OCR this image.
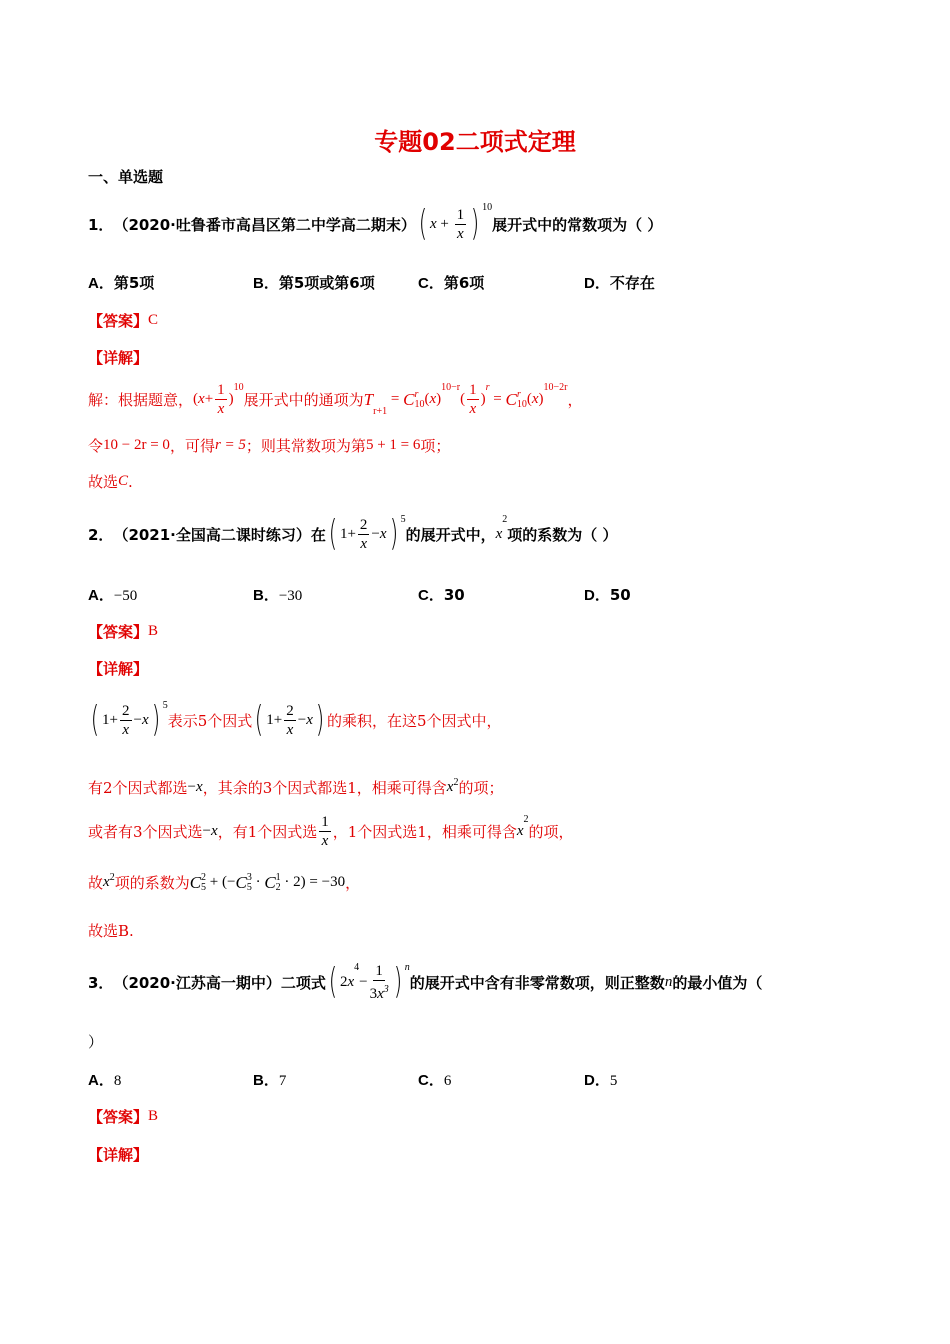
专题02二项式定理
一、单选题
1． （2020·吐鲁番市高昌区第二中学高二期末） ( $x + \frac{1}{x}$ ) $^{10}$
展开式中的常数项为（ ）
A．第5项	B．第5项或第6项	C．第6项	D．不存在
【答案】 C
【详解】
解：根据题意， ( $x + \frac{1}{x}$ )
$^{10}$
展开式中的通项为 T
$_{r+1}$
= C r
10 ( x )
$^{10-r}$
( $\frac{1}{x}$ )
$^r$
= C r
10 ( x )
$^{10-2r}$
，
令 10 − 2r = 0 ，可得 r = 5 ；则其常数项为第 5 + 1 = 6 项；
故选 C .
2． （2021·全国高二课时练习）在 ( $1+ \frac{2}{x} - x$ ) $^5$
的展开式中， x
2
项的系数为（ ）
A．−50	B．−30	C．30	D．50
【答案】 B
【详解】
( $1+ \frac{2}{x} - x$ ) $^5$
表示5个因式 ( $1+ \frac{2}{x} - x$ ) 的乘积，在这5个因式中，
有2个因式都选 − x ，其余的3个因式都选1，相乘可得含 $x^2$ 的项；
或者有3个因式选 − x ，有1个因式选 $\frac{1}{x}$ ，1个因式选1，相乘可得含 x
$^2$
的项，
故 $x^2$ 项的系数为 C 2
5 + (− C 3
5 · C 1
2 · 2) = −30 ，
故选B.
3． （2020·江苏高一期中）二项式 ( 2 x
4
− $\frac{1}{3x^3}$ ) $^n$
的展开式中含有非零常数项，则正整数 n 的最小值为（
）
A．8	B．7	C．6	D．5
【答案】 B
【详解】
